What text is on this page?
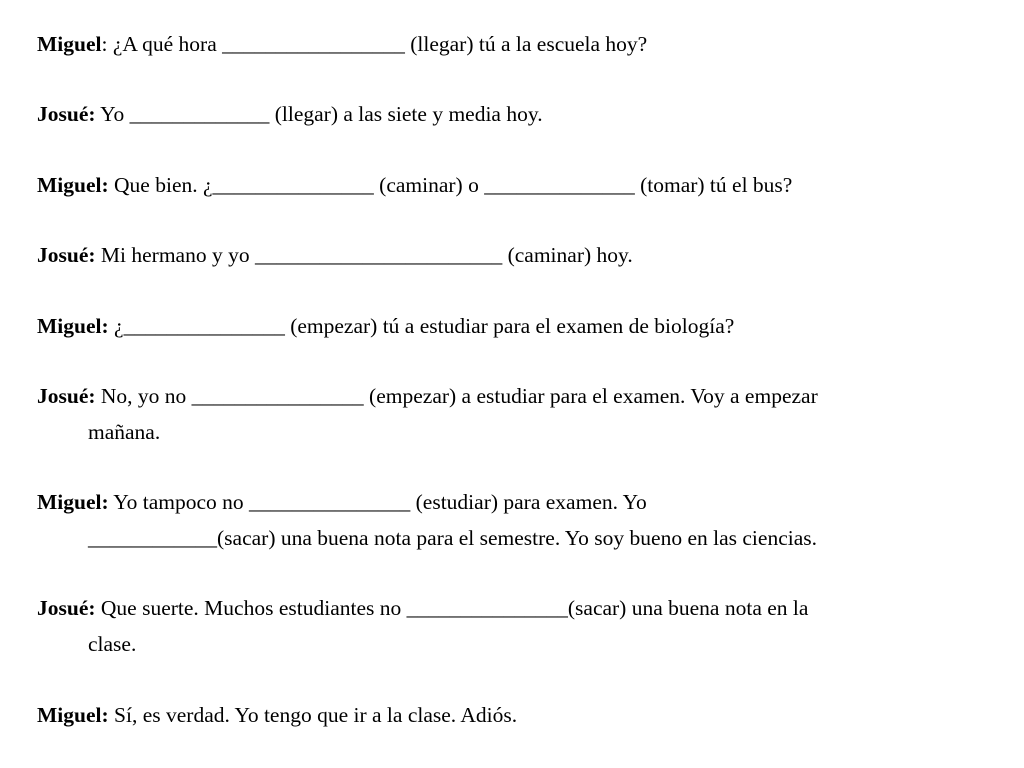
Miguel: ¿A qué hora _________________ (llegar) tú a la escuela hoy?
Josué: Yo _____________ (llegar) a las siete y media hoy.
Miguel: Que bien. ¿_______________ (caminar) o ______________ (tomar) tú el bus?
Josué: Mi hermano y yo _______________________ (caminar) hoy.
Miguel: ¿_______________ (empezar) tú a estudiar para el examen de biología?
Josué: No, yo no ________________ (empezar) a estudiar para el examen. Voy a empezar
mañana.
Miguel: Yo tampoco no _______________ (estudiar) para examen. Yo
____________(sacar) una buena nota para el semestre. Yo soy bueno en las ciencias.
Josué: Que suerte. Muchos estudiantes no _______________(sacar) una buena nota en la
clase.
Miguel: Sí, es verdad. Yo tengo que ir a la clase. Adiós.
